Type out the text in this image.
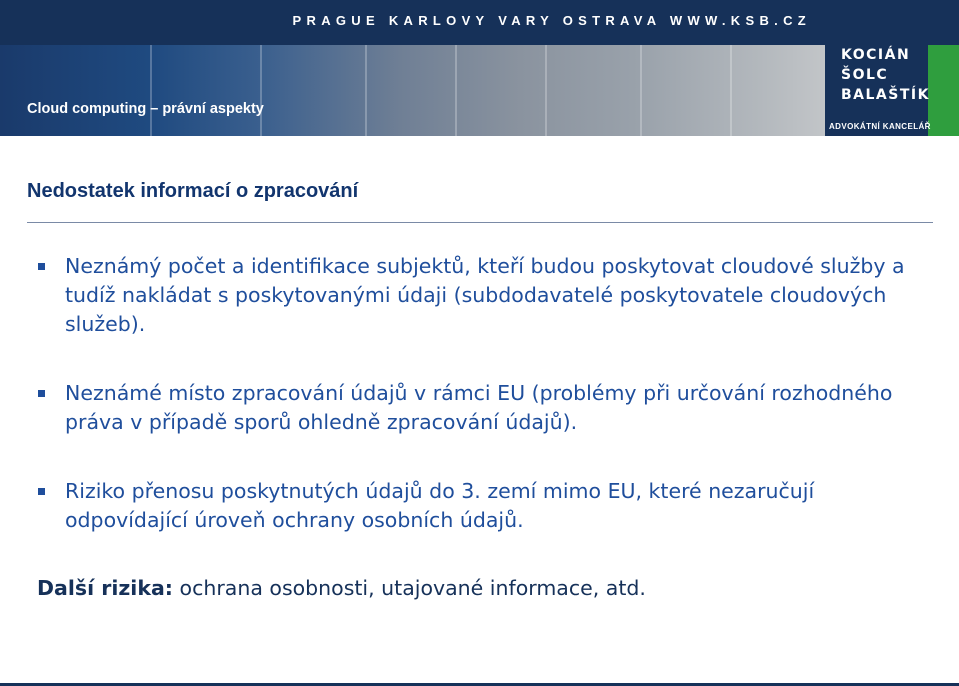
PRAGUE KARLOVY VARY OSTRAVA WWW.KSB.CZ
Cloud computing – právní aspekty
KOCIÁN
ŠOLC
BALAŠTÍK
ADVOKÁTNÍ KANCELÁŘ
Nedostatek informací o zpracování
Neznámý počet a identifikace subjektů, kteří budou poskytovat cloudové služby a tudíž nakládat s poskytovanými údaji (subdodavatelé poskytovatele cloudových služeb).
Neznámé místo zpracování údajů v rámci EU (problémy při určování rozhodného práva v případě sporů ohledně zpracování údajů).
Riziko přenosu poskytnutých údajů do 3. zemí mimo EU, které nezaručují odpovídající úroveň ochrany osobních údajů.
Další rizika: ochrana osobnosti, utajované informace, atd.
